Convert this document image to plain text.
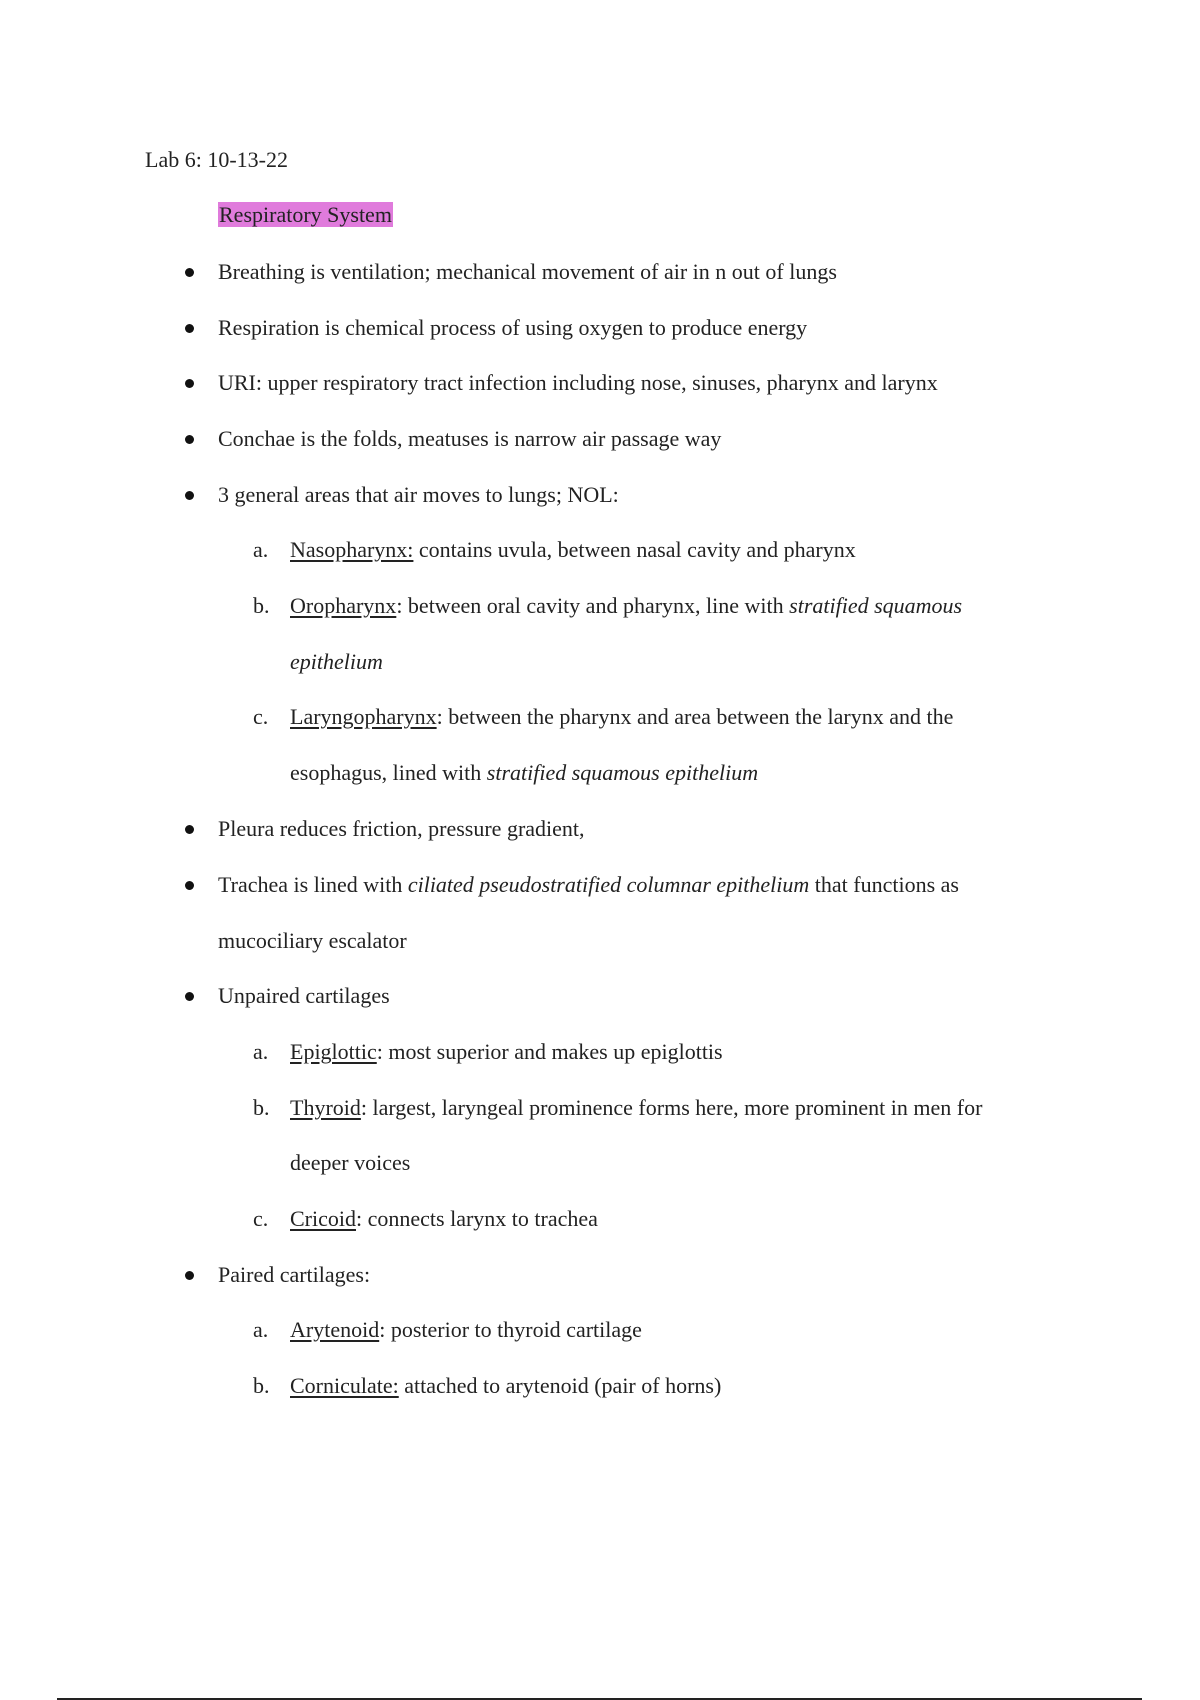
Lab 6: 10-13-22
Respiratory System
Breathing is ventilation; mechanical movement of air in n out of lungs
Respiration is chemical process of using oxygen to produce energy
URI: upper respiratory tract infection including nose, sinuses, pharynx and larynx
Conchae is the folds, meatuses is narrow air passage way
3 general areas that air moves to lungs; NOL:
a. Nasopharynx: contains uvula, between nasal cavity and pharynx
b. Oropharynx: between oral cavity and pharynx, line with stratified squamous
epithelium
c. Laryngopharynx: between the pharynx and area between the larynx and the
esophagus, lined with stratified squamous epithelium
Pleura reduces friction, pressure gradient,
Trachea is lined with ciliated pseudostratified columnar epithelium that functions as
mucociliary escalator
Unpaired cartilages
a. Epiglottic: most superior and makes up epiglottis
b. Thyroid: largest, laryngeal prominence forms here, more prominent in men for
deeper voices
c. Cricoid: connects larynx to trachea
Paired cartilages:
a. Arytenoid: posterior to thyroid cartilage
b. Corniculate: attached to arytenoid (pair of horns)
